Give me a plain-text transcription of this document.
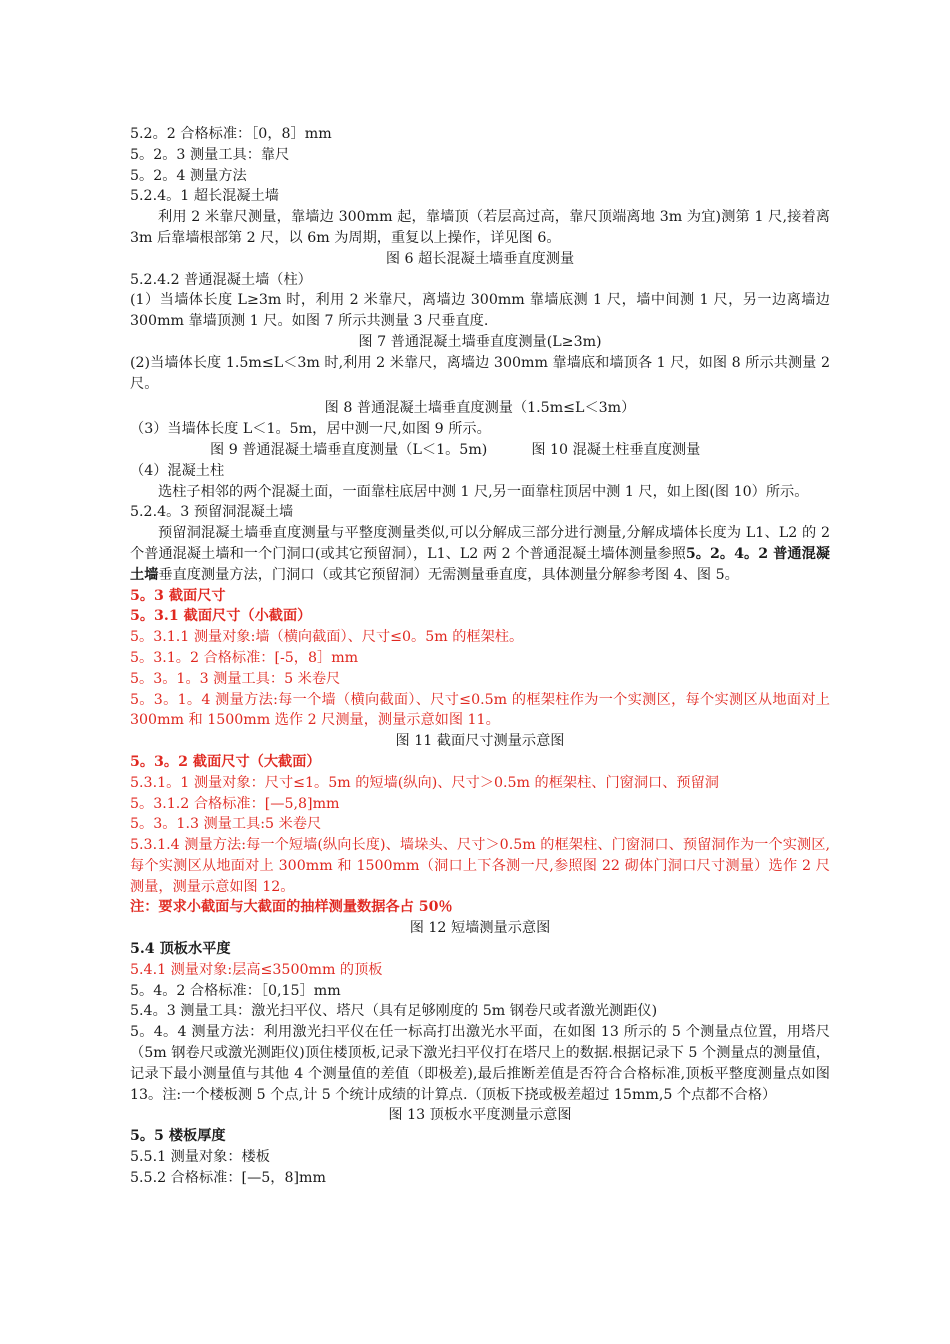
5.2。2 合格标准：［0，8］mm
5。2。3 测量工具：靠尺
5。2。4 测量方法
5.2.4。1 超长混凝土墙
利用 2 米靠尺测量，靠墙边 300mm 起，靠墙顶（若层高过高，靠尺顶端离地 3m 为宜)测第 1 尺,接着离 3m 后靠墙根部第 2 尺，以 6m 为周期，重复以上操作，详见图 6。
图 6 超长混凝土墙垂直度测量
5.2.4.2 普通混凝土墙（柱）
(1）当墙体长度 L≥3m 时，利用 2 米靠尺，离墙边 300mm 靠墙底测 1 尺，墙中间测 1 尺，另一边离墙边 300mm 靠墙顶测 1 尺。如图 7 所示共测量 3 尺垂直度.
图 7 普通混凝土墙垂直度测量(L≥3m)
(2)当墙体长度 1.5m≤L＜3m 时,利用 2 米靠尺，离墙边 300mm 靠墙底和墙顶各 1 尺，如图 8 所示共测量 2 尺。
图 8 普通混凝土墙垂直度测量（1.5m≤L＜3m）
（3）当墙体长度 L＜1。5m，居中测一尺,如图 9 所示。
图 9 普通混凝土墙垂直度测量（L＜1。5m)	图 10 混凝土柱垂直度测量
（4）混凝土柱
选柱子相邻的两个混凝土面，一面靠柱底居中测 1 尺,另一面靠柱顶居中测 1 尺，如上图(图 10）所示。
5.2.4。3 预留洞混凝土墙
预留洞混凝土墙垂直度测量与平整度测量类似,可以分解成三部分进行测量,分解成墙体长度为 L1、L2 的 2 个普通混凝土墙和一个门洞口(或其它预留洞），L1、L2 两 2 个普通混凝土墙体测量参照5。2。4。2 普通混凝土墙垂直度测量方法，门洞口（或其它预留洞）无需测量垂直度，具体测量分解参考图 4、图 5。
5。3 截面尺寸
5。3.1 截面尺寸（小截面）
5。3.1.1 测量对象:墙（横向截面）、尺寸≤0。5m 的框架柱。
5。3.1。2 合格标准：[-5，8］mm
5。3。1。3 测量工具：5 米卷尺
5。3。1。4 测量方法:每一个墙（横向截面）、尺寸≤0.5m 的框架柱作为一个实测区，每个实测区从地面对上 300mm 和 1500mm 选作 2 尺测量，测量示意如图 11。
图 11 截面尺寸测量示意图
5。3。2 截面尺寸（大截面）
5.3.1。1 测量对象：尺寸≤1。5m 的短墙(纵向)、尺寸＞0.5m 的框架柱、门窗洞口、预留洞
5。3.1.2 合格标准：[—5,8]mm
5。3。1.3 测量工具:5 米卷尺
5.3.1.4 测量方法:每一个短墙(纵向长度)、墙垛头、尺寸＞0.5m 的框架柱、门窗洞口、预留洞作为一个实测区,每个实测区从地面对上 300mm 和 1500mm（洞口上下各测一尺,参照图 22 砌体门洞口尺寸测量）选作 2 尺测量，测量示意如图 12。
注：要求小截面与大截面的抽样测量数据各占 50％
图 12 短墙测量示意图
5.4 顶板水平度
5.4.1 测量对象:层高≤3500mm 的顶板
5。4。2 合格标准：［0,15］mm
5.4。3 测量工具：激光扫平仪、塔尺（具有足够刚度的 5m 钢卷尺或者激光测距仪)
5。4。4 测量方法：利用激光扫平仪在任一标高打出激光水平面，在如图 13 所示的 5 个测量点位置，用塔尺（5m 钢卷尺或激光测距仪)顶住楼顶板,记录下激光扫平仪打在塔尺上的数据.根据记录下 5 个测量点的测量值，记录下最小测量值与其他 4 个测量值的差值（即极差),最后推断差值是否符合合格标准,顶板平整度测量点如图 13。注:一个楼板测 5 个点,计 5 个统计成绩的计算点.（顶板下挠或极差超过 15mm,5 个点都不合格）
图 13 顶板水平度测量示意图
5。5 楼板厚度
5.5.1 测量对象：楼板
5.5.2 合格标准：[—5，8]mm
